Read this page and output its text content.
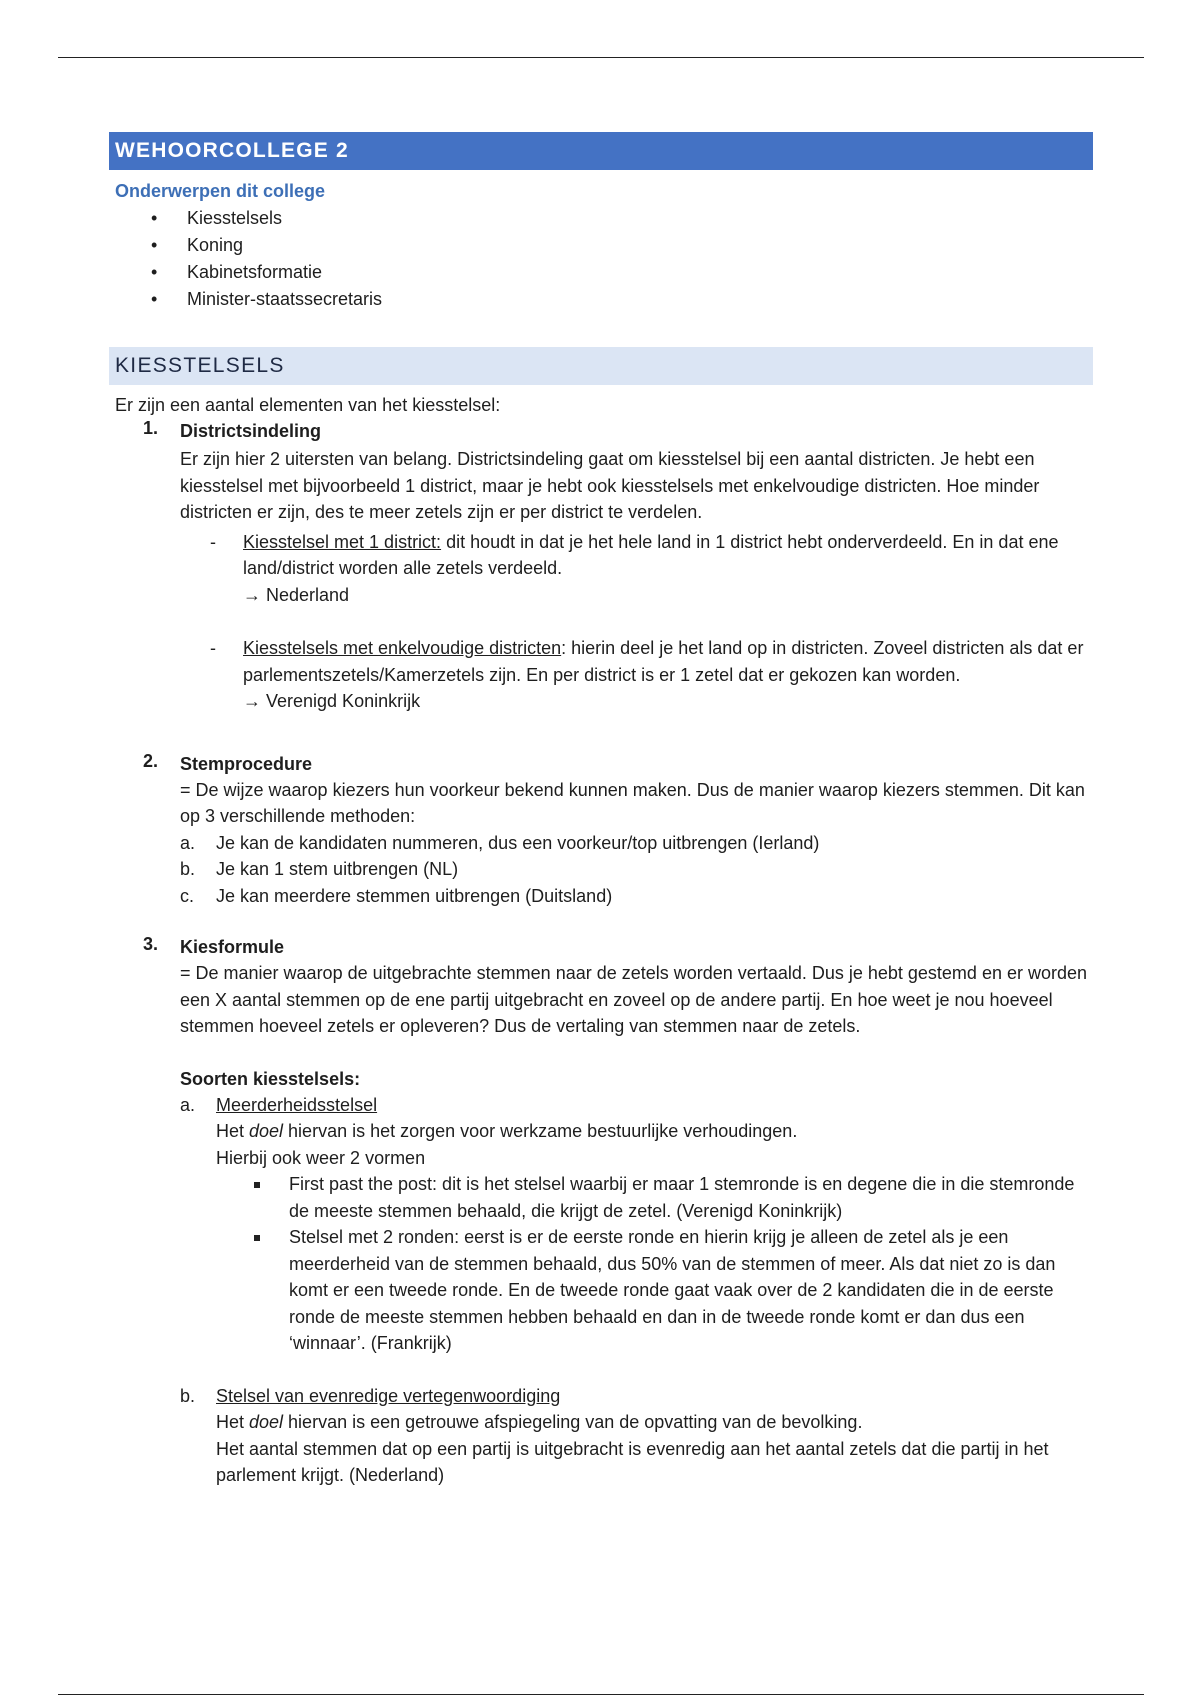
WEHOORCOLLEGE 2
Onderwerpen dit college
• Kiesstelsels
• Koning
• Kabinetsformatie
• Minister-staatssecretaris
KIESSTELSELS
Er zijn een aantal elementen van het kiesstelsel:
1. Districtsindeling
Er zijn hier 2 uitersten van belang. Districtsindeling gaat om kiesstelsel bij een aantal districten. Je hebt een kiesstelsel met bijvoorbeeld 1 district, maar je hebt ook kiesstelsels met enkelvoudige districten. Hoe minder districten er zijn, des te meer zetels zijn er per district te verdelen.
- Kiesstelsel met 1 district: dit houdt in dat je het hele land in 1 district hebt onderverdeeld. En in dat ene land/district worden alle zetels verdeeld.
→ Nederland
- Kiesstelsels met enkelvoudige districten: hierin deel je het land op in districten. Zoveel districten als dat er parlementszetels/Kamerzetels zijn. En per district is er 1 zetel dat er gekozen kan worden.
→ Verenigd Koninkrijk
2. Stemprocedure
= De wijze waarop kiezers hun voorkeur bekend kunnen maken. Dus de manier waarop kiezers stemmen. Dit kan op 3 verschillende methoden:
a. Je kan de kandidaten nummeren, dus een voorkeur/top uitbrengen (Ierland)
b. Je kan 1 stem uitbrengen (NL)
c. Je kan meerdere stemmen uitbrengen (Duitsland)
3. Kiesformule
= De manier waarop de uitgebrachte stemmen naar de zetels worden vertaald. Dus je hebt gestemd en er worden een X aantal stemmen op de ene partij uitgebracht en zoveel op de andere partij. En hoe weet je nou hoeveel stemmen hoeveel zetels er opleveren? Dus de vertaling van stemmen naar de zetels.
Soorten kiesstelsels:
a. Meerderheidsstelsel
Het doel hiervan is het zorgen voor werkzame bestuurlijke verhoudingen.
Hierbij ook weer 2 vormen
First past the post: dit is het stelsel waarbij er maar 1 stemronde is en degene die in die stemronde de meeste stemmen behaald, die krijgt de zetel. (Verenigd Koninkrijk)
Stelsel met 2 ronden: eerst is er de eerste ronde en hierin krijg je alleen de zetel als je een meerderheid van de stemmen behaald, dus 50% van de stemmen of meer. Als dat niet zo is dan komt er een tweede ronde. En de tweede ronde gaat vaak over de 2 kandidaten die in de eerste ronde de meeste stemmen hebben behaald en dan in de tweede ronde komt er dan dus een ‘winnaar’. (Frankrijk)
b. Stelsel van evenredige vertegenwoordiging
Het doel hiervan is een getrouwe afspiegeling van de opvatting van de bevolking.
Het aantal stemmen dat op een partij is uitgebracht is evenredig aan het aantal zetels dat die partij in het parlement krijgt. (Nederland)
